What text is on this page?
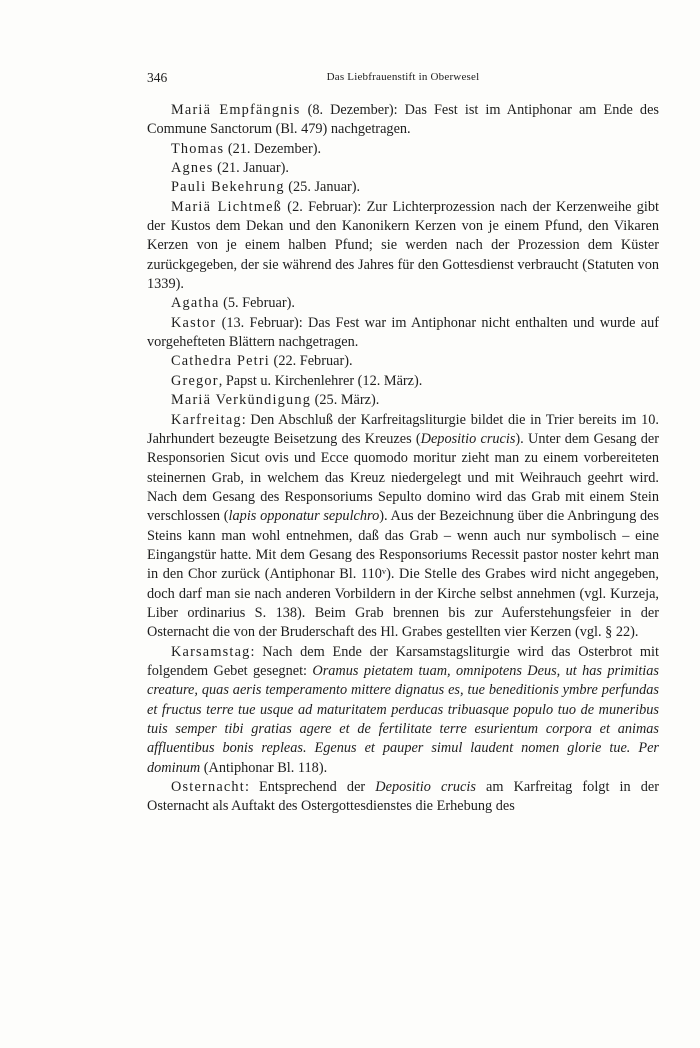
346	Das Liebfrauenstift in Oberwesel

Mariä Empfängnis (8. Dezember): Das Fest ist im Antiphonar am Ende des Commune Sanctorum (Bl. 479) nachgetragen.

Thomas (21. Dezember).

Agnes (21. Januar).

Pauli Bekehrung (25. Januar).

Mariä Lichtmeß (2. Februar): Zur Lichterprozession nach der Kerzenweihe gibt der Kustos dem Dekan und den Kanonikern Kerzen von je einem Pfund, den Vikaren Kerzen von je einem halben Pfund; sie werden nach der Prozession dem Küster zurückgegeben, der sie während des Jahres für den Gottesdienst verbraucht (Statuten von 1339).

Agatha (5. Februar).

Kastor (13. Februar): Das Fest war im Antiphonar nicht enthalten und wurde auf vorgehefteten Blättern nachgetragen.

Cathedra Petri (22. Februar).

Gregor, Papst u. Kirchenlehrer (12. März).

Mariä Verkündigung (25. März).

Karfreitag: Den Abschluß der Karfreitagsliturgie bildet die in Trier bereits im 10. Jahrhundert bezeugte Beisetzung des Kreuzes (Depositio crucis). Unter dem Gesang der Responsorien Sicut ovis und Ecce quomodo moritur zieht man zu einem vorbereiteten steinernen Grab, in welchem das Kreuz niedergelegt und mit Weihrauch geehrt wird. Nach dem Gesang des Responsoriums Sepulto domino wird das Grab mit einem Stein verschlossen (lapis opponatur sepulchro). Aus der Bezeichnung über die Anbringung des Steins kann man wohl entnehmen, daß das Grab – wenn auch nur symbolisch – eine Eingangstür hatte. Mit dem Gesang des Responsoriums Recessit pastor noster kehrt man in den Chor zurück (Antiphonar Bl. 110ᵛ). Die Stelle des Grabes wird nicht angegeben, doch darf man sie nach anderen Vorbildern in der Kirche selbst annehmen (vgl. Kurzeja, Liber ordinarius S. 138). Beim Grab brennen bis zur Auferstehungsfeier in der Osternacht die von der Bruderschaft des Hl. Grabes gestellten vier Kerzen (vgl. § 22).

Karsamstag: Nach dem Ende der Karsamstagsliturgie wird das Osterbrot mit folgendem Gebet gesegnet: Oramus pietatem tuam, omnipotens Deus, ut has primitias creature, quas aeris temperamento mittere dignatus es, tue beneditionis ymbre perfundas et fructus terre tue usque ad maturitatem perducas tribuasque populo tuo de muneribus tuis semper tibi gratias agere et de fertilitate terre esurientum corpora et animas affluentibus bonis repleas. Egenus et pauper simul laudent nomen glorie tue. Per dominum (Antiphonar Bl. 118).

Osternacht: Entsprechend der Depositio crucis am Karfreitag folgt in der Osternacht als Auftakt des Ostergottesdienstes die Erhebung des
